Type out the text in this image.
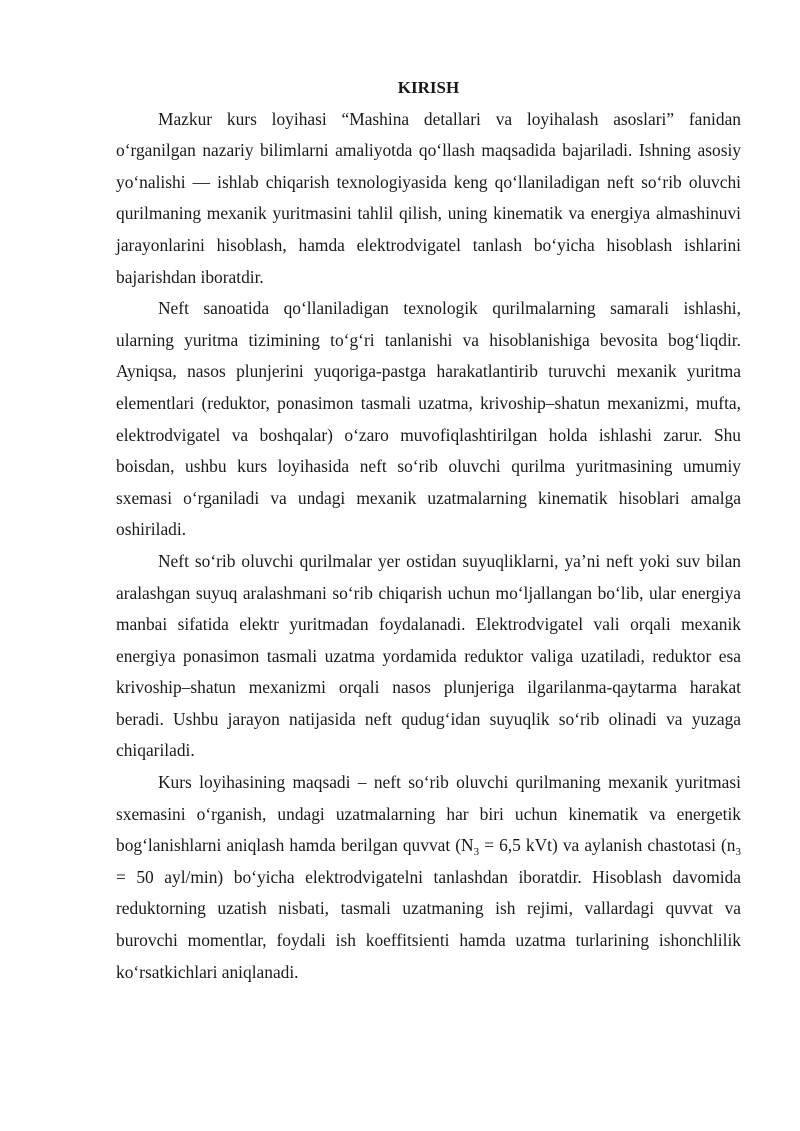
KIRISH

Mazkur kurs loyihasi “Mashina detallari va loyihalash asoslari” fanidan o‘rganilgan nazariy bilimlarni amaliyotda qo‘llash maqsadida bajariladi. Ishning asosiy yo‘nalishi — ishlab chiqarish texnologiyasida keng qo‘llaniladigan neft so‘rib oluvchi qurilmaning mexanik yuritmasini tahlil qilish, uning kinematik va energiya almashinuvi jarayonlarini hisoblash, hamda elektrodvigatel tanlash bo‘yicha hisoblash ishlarini bajarishdan iboratdir.

Neft sanoatida qo‘llaniladigan texnologik qurilmalarning samarali ishlashi, ularning yuritma tizimining to‘g‘ri tanlanishi va hisoblanishiga bevosita bog‘liqdir. Ayniqsa, nasos plunjerini yuqoriga-pastga harakatlantirib turuvchi mexanik yuritma elementlari (reduktor, ponasimon tasmali uzatma, krivoship–shatun mexanizmi, mufta, elektrodvigatel va boshqalar) o‘zaro muvofiqlashtirilgan holda ishlashi zarur. Shu boisdan, ushbu kurs loyihasida neft so‘rib oluvchi qurilma yuritmasining umumiy sxemasi o‘rganiladi va undagi mexanik uzatmalarning kinematik hisoblari amalga oshiriladi.

Neft so‘rib oluvchi qurilmalar yer ostidan suyuqliklarni, ya’ni neft yoki suv bilan aralashgan suyuq aralashmani so‘rib chiqarish uchun mo‘ljallangan bo‘lib, ular energiya manbai sifatida elektr yuritmadan foydalanadi. Elektrodvigatel vali orqali mexanik energiya ponasimon tasmali uzatma yordamida reduktor valiga uzatiladi, reduktor esa krivoship–shatun mexanizmi orqali nasos plunjeriga ilgarilanma-qaytarma harakat beradi. Ushbu jarayon natijasida neft qudug‘idan suyuqlik so‘rib olinadi va yuzaga chiqariladi.

Kurs loyihasining maqsadi – neft so‘rib oluvchi qurilmaning mexanik yuritmasi sxemasini o‘rganish, undagi uzatmalarning har biri uchun kinematik va energetik bog‘lanishlarni aniqlash hamda berilgan quvvat ($N_3 = 6,5$ kVt) va aylanish chastotasi ($n_3 = 50$ ayl/min) bo‘yicha elektrodvigatelni tanlashdan iboratdir. Hisoblash davomida reduktorning uzatish nisbati, tasmali uzatmaning ish rejimi, vallardagi quvvat va burovchi momentlar, foydali ish koeffitsienti hamda uzatma turlarining ishonchlilik ko‘rsatkichlari aniqlanadi.
